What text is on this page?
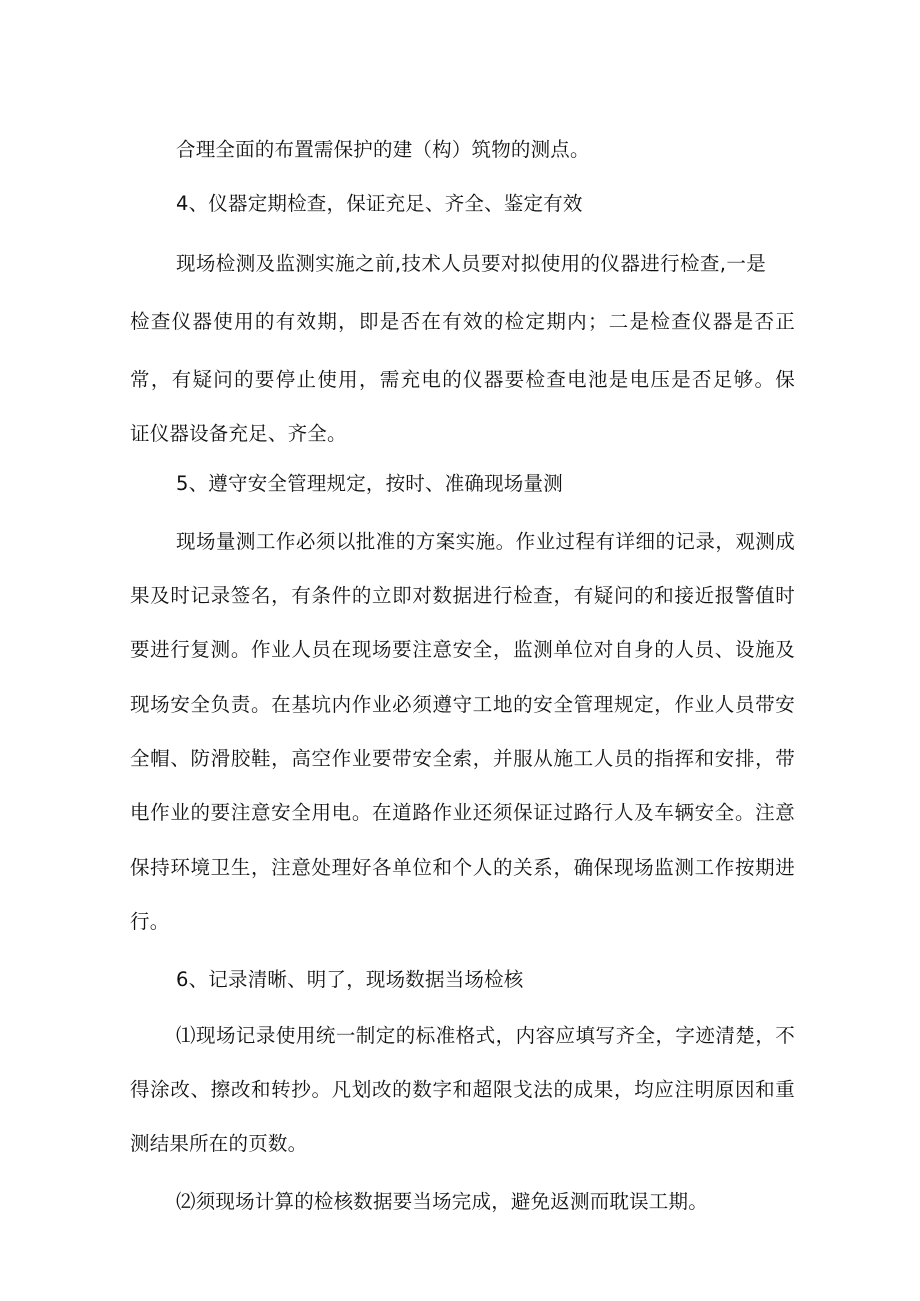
合理全面的布置需保护的建（构）筑物的测点。
4、仪器定期检查，保证充足、齐全、鉴定有效
现场检测及监测实施之前,技术人员要对拟使用的仪器进行检查,一是
检查仪器使用的有效期，即是否在有效的检定期内；二是检查仪器是否正
常，有疑问的要停止使用，需充电的仪器要检查电池是电压是否足够。保
证仪器设备充足、齐全。
5、遵守安全管理规定，按时、准确现场量测
现场量测工作必须以批准的方案实施。作业过程有详细的记录，观测成
果及时记录签名，有条件的立即对数据进行检查，有疑问的和接近报警值时
要进行复测。作业人员在现场要注意安全，监测单位对自身的人员、设施及
现场安全负责。在基坑内作业必须遵守工地的安全管理规定，作业人员带安
全帽、防滑胶鞋，高空作业要带安全索，并服从施工人员的指挥和安排，带
电作业的要注意安全用电。在道路作业还须保证过路行人及车辆安全。注意
保持环境卫生，注意处理好各单位和个人的关系，确保现场监测工作按期进
行。
6、记录清晰、明了，现场数据当场检核
⑴现场记录使用统一制定的标准格式，内容应填写齐全，字迹清楚，不
得涂改、擦改和转抄。凡划改的数字和超限戈法的成果，均应注明原因和重
测结果所在的页数。
⑵须现场计算的检核数据要当场完成，避免返测而耽误工期。
